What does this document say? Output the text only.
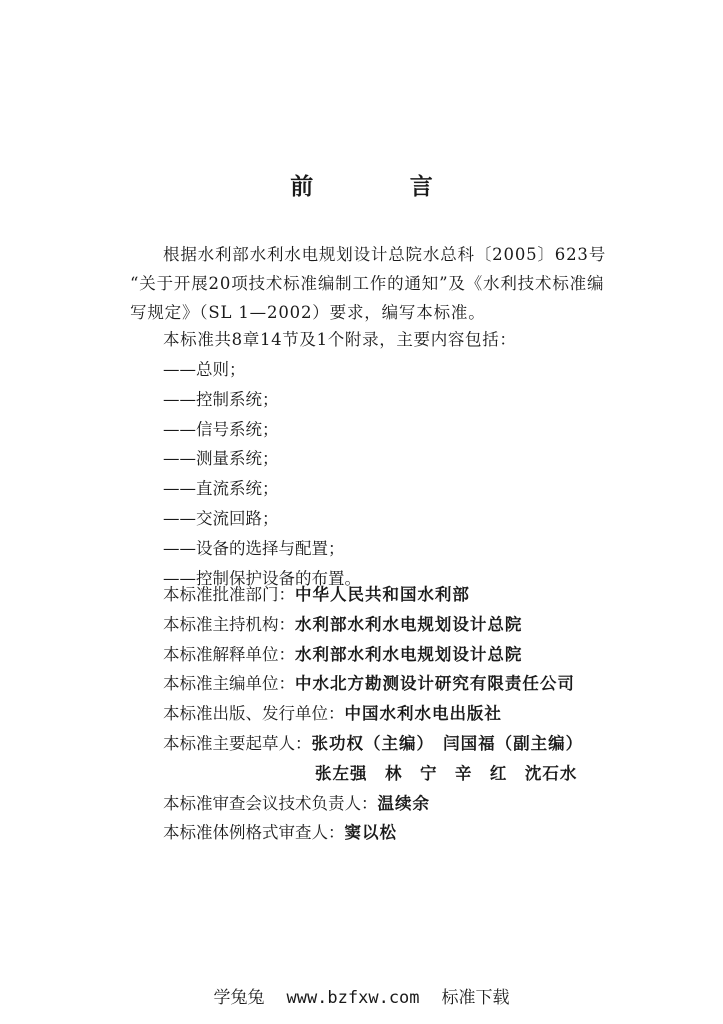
前　言
根据水利部水利水电规划设计总院水总科〔2005〕623号
“关于开展20项技术标准编制工作的通知”及《水利技术标准编
写规定》（SL 1—2002）要求，编写本标准。
本标准共8章14节及1个附录，主要内容包括：
——总则；
——控制系统；
——信号系统；
——测量系统；
——直流系统；
——交流回路；
——设备的选择与配置；
——控制保护设备的布置。
本标准批准部门：中华人民共和国水利部
本标准主持机构：水利部水利水电规划设计总院
本标准解释单位：水利部水利水电规划设计总院
本标准主编单位：中水北方勘测设计研究有限责任公司
本标准出版、发行单位：中国水利水电出版社
本标准主要起草人：张功权（主编）　闫国福（副主编）
张左强　林　宁　辛　红　沈石水
本标准审查会议技术负责人：温续余
本标准体例格式审查人：窦以松
学兔兔 www.bzfxw.com 标准下载
